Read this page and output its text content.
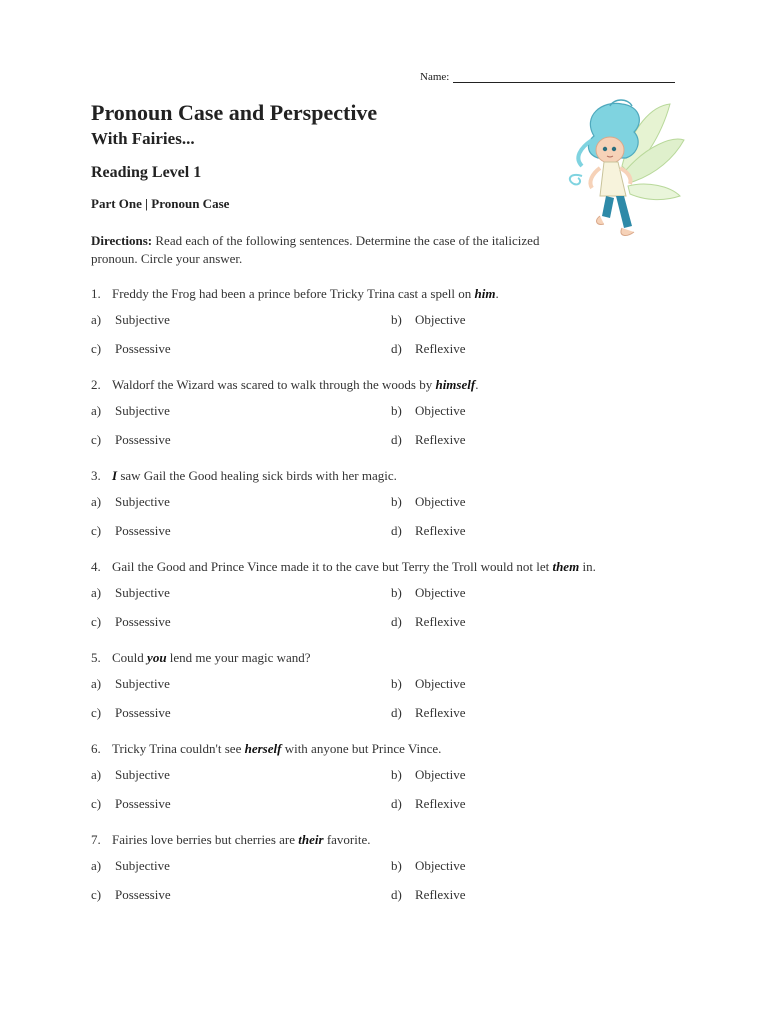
Name:
Pronoun Case and Perspective
With Fairies...
Reading Level 1
Part One | Pronoun Case
Directions: Read each of the following sentences. Determine the case of the italicized pronoun. Circle your answer.
1. Freddy the Frog had been a prince before Tricky Trina cast a spell on him.
a) Subjective	b) Objective
c) Possessive	d) Reflexive
2. Waldorf the Wizard was scared to walk through the woods by himself.
a) Subjective	b) Objective
c) Possessive	d) Reflexive
3. I saw Gail the Good healing sick birds with her magic.
a) Subjective	b) Objective
c) Possessive	d) Reflexive
4. Gail the Good and Prince Vince made it to the cave but Terry the Troll would not let them in.
a) Subjective	b) Objective
c) Possessive	d) Reflexive
5. Could you lend me your magic wand?
a) Subjective	b) Objective
c) Possessive	d) Reflexive
6. Tricky Trina couldn't see herself with anyone but Prince Vince.
a) Subjective	b) Objective
c) Possessive	d) Reflexive
7. Fairies love berries but cherries are their favorite.
a) Subjective	b) Objective
c) Possessive	d) Reflexive
